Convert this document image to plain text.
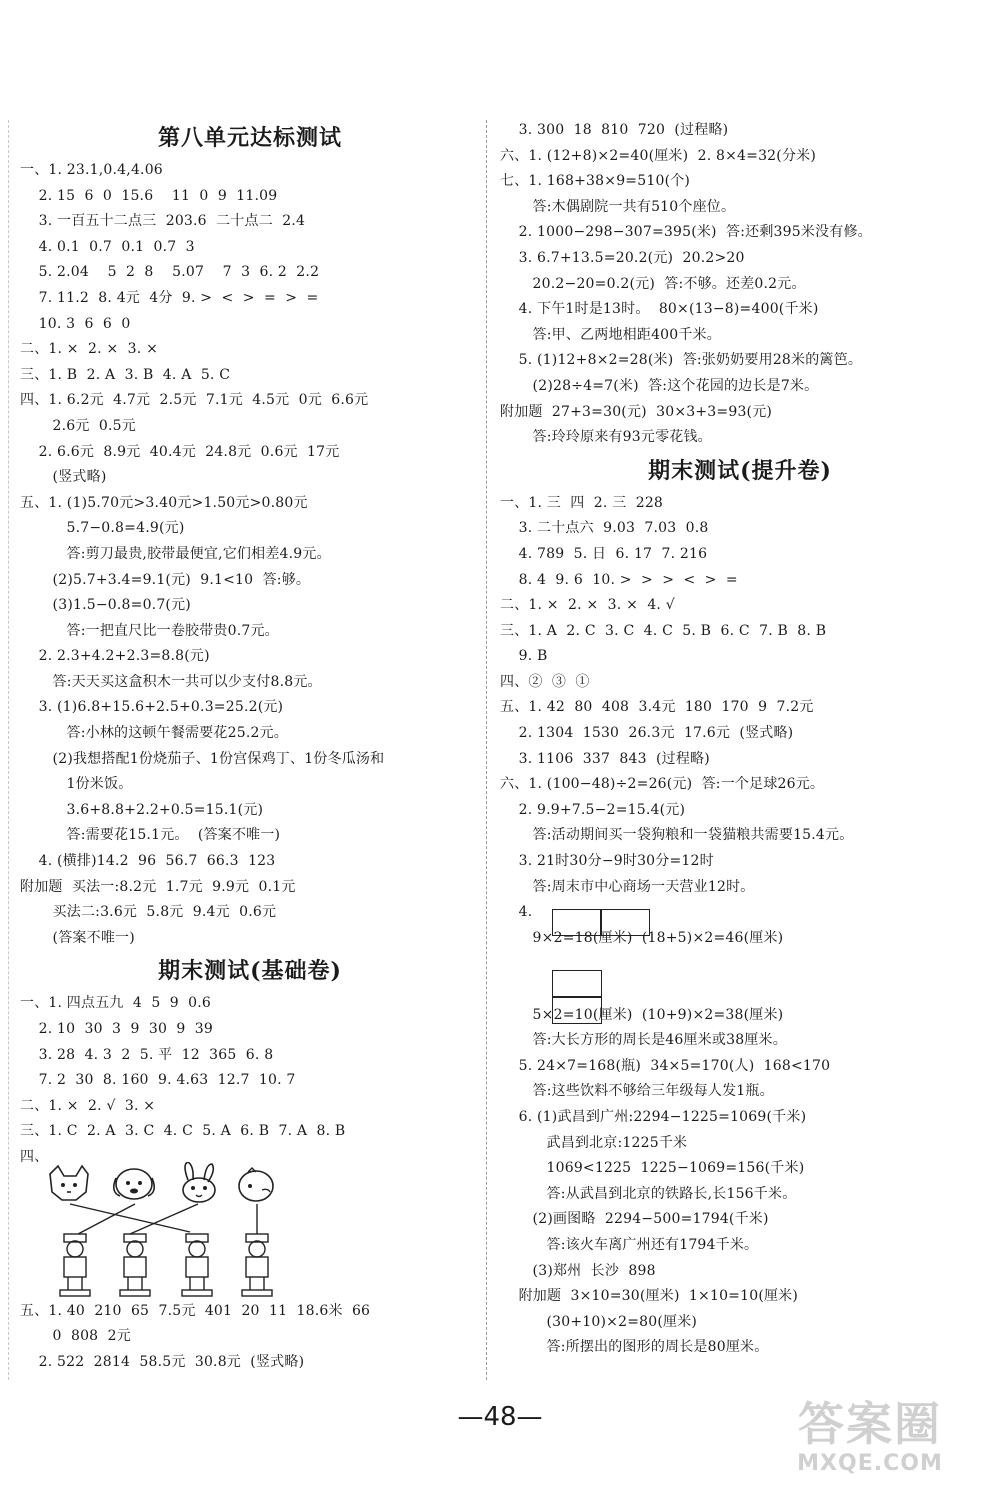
第八单元达标测试
一、1. 23.1,0.4,4.06
2. 15  6  0  15.6    11  0  9  11.09
3. 一百五十二点三  203.6  二十点二  2.4
4. 0.1  0.7  0.1  0.7  3
5. 2.04    5  2  8    5.07    7  3  6. 2  2.2
7. 11.2  8. 4元  4分  9. >  <  >  =  >  =
10. 3  6  6  0
二、1. ×  2. ×  3. ×
三、1. B  2. A  3. B  4. A  5. C
四、1. 6.2元  4.7元  2.5元  7.1元  4.5元  0元  6.6元
2.6元  0.5元
2. 6.6元  8.9元  40.4元  24.8元  0.6元  17元
(竖式略)
五、1. (1)5.70元>3.40元>1.50元>0.80元
5.7−0.8=4.9(元)
答:剪刀最贵,胶带最便宜,它们相差4.9元。
(2)5.7+3.4=9.1(元)  9.1<10  答:够。
(3)1.5−0.8=0.7(元)
答:一把直尺比一卷胶带贵0.7元。
2. 2.3+4.2+2.3=8.8(元)
答:天天买这盒积木一共可以少支付8.8元。
3. (1)6.8+15.6+2.5+0.3=25.2(元)
答:小林的这顿午餐需要花25.2元。
(2)我想搭配1份烧茄子、1份宫保鸡丁、1份冬瓜汤和
1份米饭。
3.6+8.8+2.2+0.5=15.1(元)
答:需要花15.1元。  (答案不唯一)
4. (横排)14.2  96  56.7  66.3  123
附加题  买法一:8.2元  1.7元  9.9元  0.1元
买法二:3.6元  5.8元  9.4元  0.6元
(答案不唯一)
期末测试(基础卷)
一、1. 四点五九  4  5  9  0.6
2. 10  30  3  9  30  9  39
3. 28  4. 3  2  5. 平  12  365  6. 8
7. 2  30  8. 160  9. 4.63  12.7  10. 7
二、1. ×  2. √  3. ×
三、1. C  2. A  3. C  4. C  5. A  6. B  7. A  8. B
四、
五、1. 40  210  65  7.5元  401  20  11  18.6米  66
0  808  2元
2. 522  2814  58.5元  30.8元  (竖式略)
3. 300  18  810  720  (过程略)
六、1. (12+8)×2=40(厘米)  2. 8×4=32(分米)
七、1. 168+38×9=510(个)
答:木偶剧院一共有510个座位。
2. 1000−298−307=395(米)  答:还剩395米没有修。
3. 6.7+13.5=20.2(元)  20.2>20
20.2−20=0.2(元)  答:不够。还差0.2元。
4. 下午1时是13时。  80×(13−8)=400(千米)
答:甲、乙两地相距400千米。
5. (1)12+8×2=28(米)  答:张奶奶要用28米的篱笆。
(2)28÷4=7(米)  答:这个花园的边长是7米。
附加题  27+3=30(元)  30×3+3=93(元)
答:玲玲原来有93元零花钱。
期末测试(提升卷)
一、1. 三  四  2. 三  228
3. 二十点六  9.03  7.03  0.8
4. 789  5. 日  6. 17  7. 216
8. 4  9. 6  10. >  >  >  <  >  =
二、1. ×  2. ×  3. ×  4. √
三、1. A  2. C  3. C  4. C  5. B  6. C  7. B  8. B
9. B
四、②  ③  ①
五、1. 42  80  408  3.4元  180  170  9  7.2元
2. 1304  1530  26.3元  17.6元  (竖式略)
3. 1106  337  843  (过程略)
六、1. (100−48)÷2=26(元)  答:一个足球26元。
2. 9.9+7.5−2=15.4(元)
答:活动期间买一袋狗粮和一袋猫粮共需要15.4元。
3. 21时30分−9时30分=12时
答:周末市中心商场一天营业12时。
4.
9×2=18(厘米)  (18+5)×2=46(厘米)
5×2=10(厘米)  (10+9)×2=38(厘米)
答:大长方形的周长是46厘米或38厘米。
5. 24×7=168(瓶)  34×5=170(人)  168<170
答:这些饮料不够给三年级每人发1瓶。
6. (1)武昌到广州:2294−1225=1069(千米)
武昌到北京:1225千米
1069<1225  1225−1069=156(千米)
答:从武昌到北京的铁路长,长156千米。
(2)画图略  2294−500=1794(千米)
答:该火车离广州还有1794千米。
(3)郑州  长沙  898
附加题  3×10=30(厘米)  1×10=10(厘米)
(30+10)×2=80(厘米)
答:所摆出的图形的周长是80厘米。
—48—	答案圈
MXQE.COM
